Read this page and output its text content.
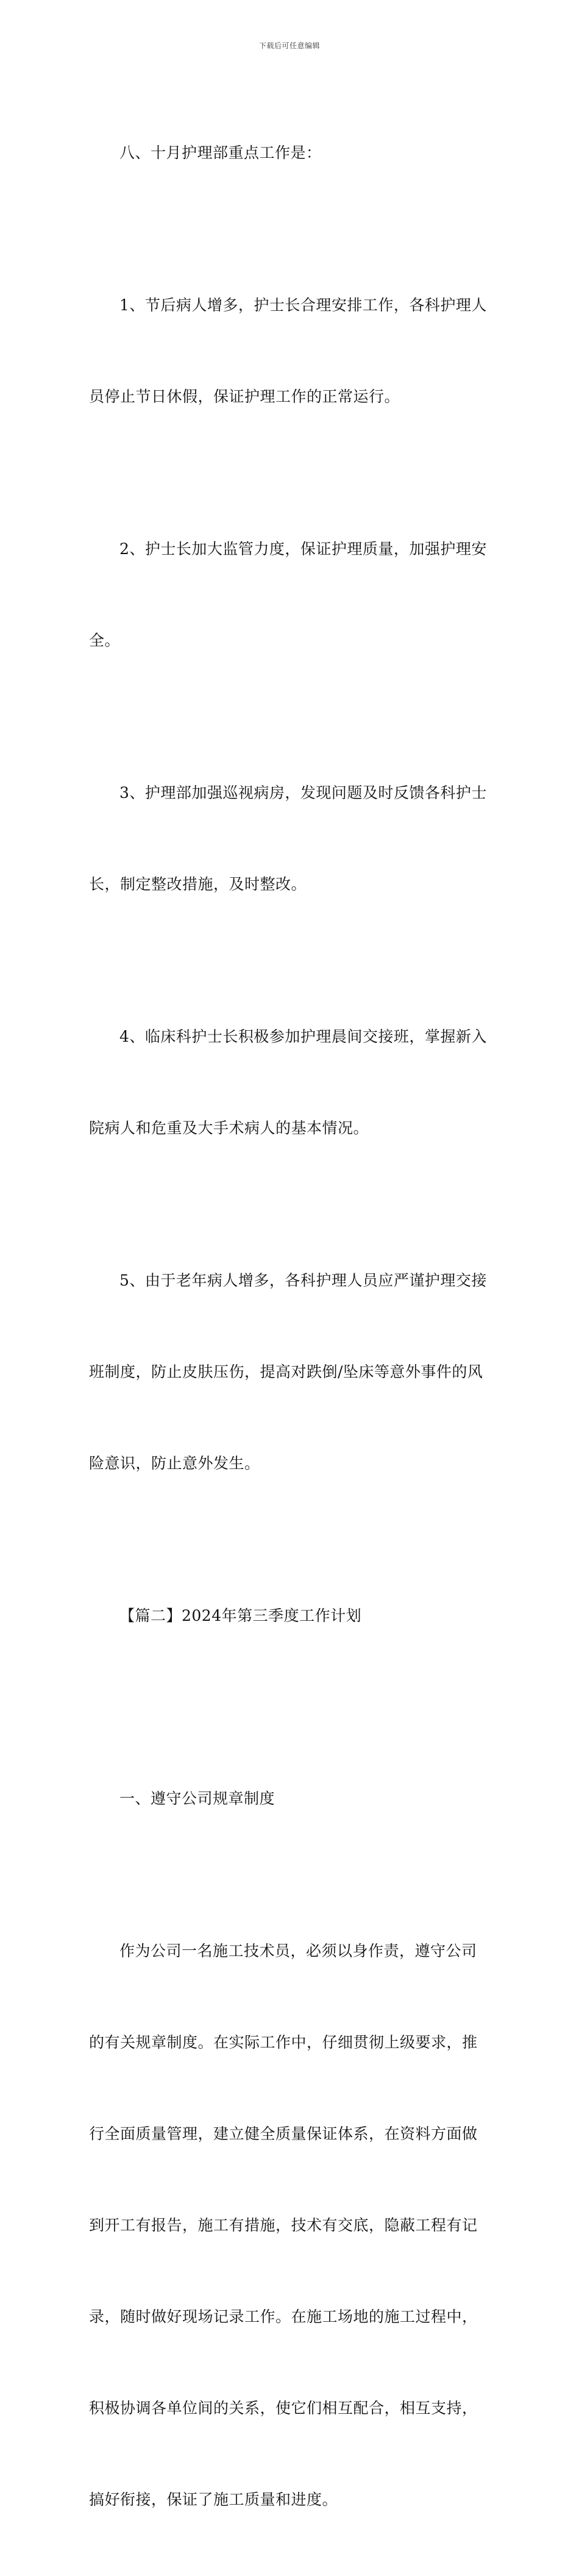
下载后可任意编辑

八、十月护理部重点工作是：

1、节后病人增多，护士长合理安排工作，各科护理人

员停止节日休假，保证护理工作的正常运行。

2、护士长加大监管力度，保证护理质量，加强护理安

全。

3、护理部加强巡视病房，发现问题及时反馈各科护士

长，制定整改措施，及时整改。

4、临床科护士长积极参加护理晨间交接班，掌握新入

院病人和危重及大手术病人的基本情况。

5、由于老年病人增多，各科护理人员应严谨护理交接

班制度，防止皮肤压伤，提高对跌倒/坠床等意外事件的风

险意识，防止意外发生。

【篇二】2024年第三季度工作计划

一、遵守公司规章制度

作为公司一名施工技术员，必须以身作责，遵守公司

的有关规章制度。在实际工作中，仔细贯彻上级要求，推

行全面质量管理，建立健全质量保证体系，在资料方面做

到开工有报告，施工有措施，技术有交底，隐蔽工程有记

录，随时做好现场记录工作。在施工场地的施工过程中，

积极协调各单位间的关系，使它们相互配合，相互支持，

搞好衔接，保证了施工质量和进度。
